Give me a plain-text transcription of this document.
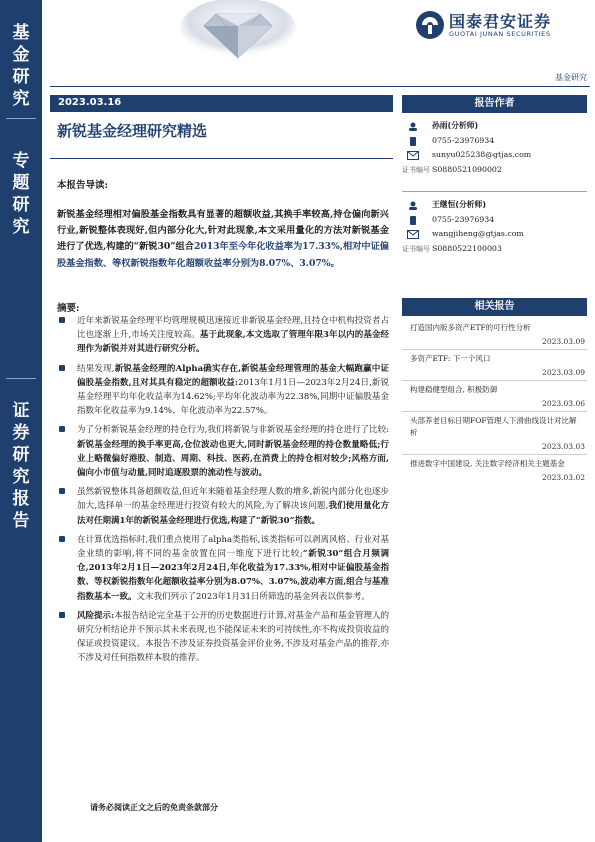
基
金
研
究
专
题
研
究
证
券
研
究
报
告
国泰君安证券
GUOTAI JUNAN SECURITIES
基金研究
2023.03.16
新锐基金经理研究精选
本报告导读:
新锐基金经理相对偏股基金指数具有显著的超额收益,其换手率较高,持仓偏向新兴行业,新锐整体表现好,但内部分化大,针对此现象,本文采用量化的方法对新锐基金进行了优选,构建的“新锐30”组合2013年至今年化收益率为17.33%,相对中证偏股基金指数、等权新锐指数年化超额收益率分别为8.07%、3.07%。
摘要:
近年来新锐基金经理平均管理规模迅速接近非新锐基金经理,且持仓中机构投资者占比也逐渐上升,市场关注度较高。基于此现象,本文选取了管理年限3年以内的基金经理作为新锐并对其进行研究分析。
结果发现,新锐基金经理的Alpha确实存在,新锐基金经理管理的基金大幅跑赢中证偏股基金指数,且对其具有稳定的超额收益:2013年1月1日—2023年2月24日,新锐基金经理平均年化收益率为14.62%;平均年化波动率为22.38%,同期中证偏股基金指数年化收益率为9.14%、年化波动率为22.57%。
为了分析新锐基金经理的持仓行为,我们将新锐与非新锐基金经理的持仓进行了比较:新锐基金经理的换手率更高,仓位波动也更大,同时新锐基金经理的持仓数量略低;行业上略微偏好港股、制造、周期、科技、医药,在消费上的持仓相对较少;风格方面,偏向小市值与动量,同时追逐股票的流动性与波动。
虽然新锐整体具备超额收益,但近年来随着基金经理人数的增多,新锐内部分化也逐步加大,选择单一的基金经理进行投资有较大的风险,为了解决该问题,我们使用量化方法对任期满1年的新锐基金经理进行优选,构建了“新锐30”指数。
在计算优选指标时,我们重点使用了alpha类指标,该类指标可以剥离风格、行业对基金业绩的影响,将不同的基金放置在同一维度下进行比较;“新锐30”组合月频调仓,2013年2月1日—2023年2月24日,年化收益为17.33%,相对中证偏股基金指数、等权新锐指数年化超额收益率分别为8.07%、3.07%,波动率方面,组合与基准指数基本一致。文末我们列示了2023年1月31日所筛选的基金列表以供参考。
风险提示:本报告结论完全基于公开的历史数据进行计算,对基金产品和基金管理人的研究分析结论并不预示其未来表现,也不能保证未来的可持续性,亦不构成投资收益的保证或投资建议。本报告不涉及证券投资基金评价业务,不涉及对基金产品的推荐,亦不涉及对任何指数样本股的推荐。
报告作者
孙雨(分析师)
0755-23976934
sunyu025238@gtjas.com
证书编号 S0880521090002
王继恒(分析师)
0755-23976934
wangjiheng@gtjas.com
证书编号 S0880522100003
相关报告
打造国内版多资产ETF的可行性分析
2023.03.09
多资产ETF: 下一个风口
2023.03.09
构建稳健型组合, 积极防御
2023.03.06
头部养老目标日期FOF管理人下滑曲线设计对比解析
2023.03.03
推进数字中国建设, 关注数字经济相关主题基金
2023.03.02
请务必阅读正文之后的免责条款部分
